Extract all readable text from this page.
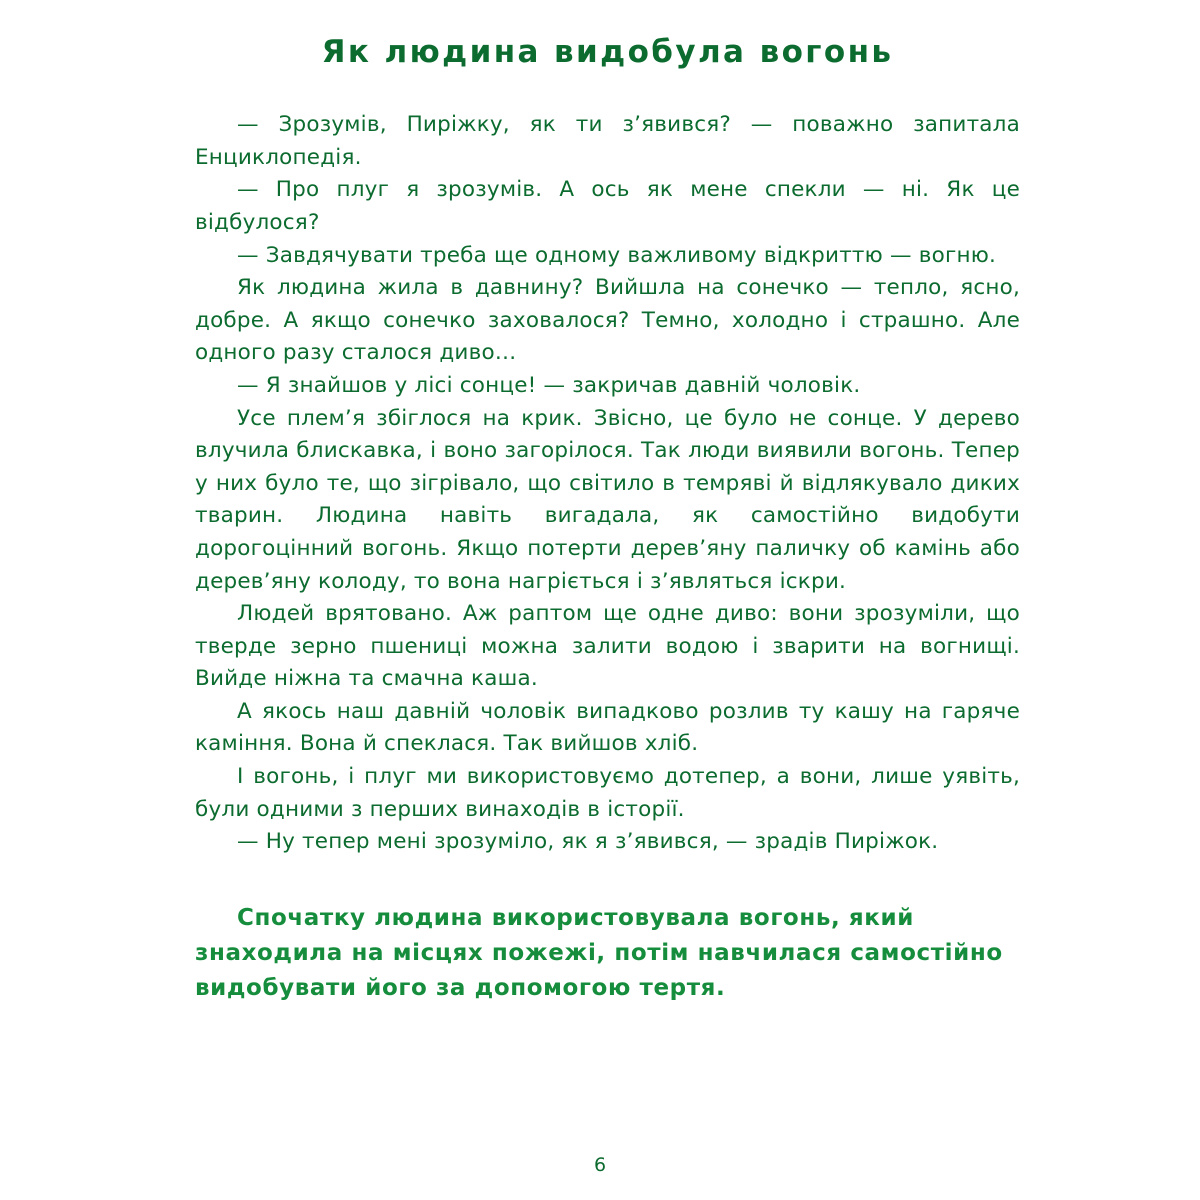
Як людина видобула вогонь

— Зрозумів, Пиріжку, як ти з’явився? — поважно запитала Енциклопедія.

— Про плуг я зрозумів. А ось як мене спекли — ні. Як це відбулося?

— Завдячувати треба ще одному важливому відкриттю — вогню.

Як людина жила в давнину? Вийшла на сонечко — тепло, ясно, добре. А якщо сонечко заховалося? Темно, холодно і страшно. Але одного разу сталося диво…

— Я знайшов у лісі сонце! — закричав давній чоловік.

Усе плем’я збіглося на крик. Звісно, це було не сонце. У дерево влучила блискавка, і воно загорілося. Так люди виявили вогонь. Тепер у них було те, що зігрівало, що світило в темряві й відлякувало диких тварин. Людина навіть вигадала, як самостійно видобути дорогоцінний вогонь. Якщо потерти дерев’яну паличку об камінь або дерев’яну колоду, то вона нагріється і з’являться іскри.

Людей врятовано. Аж раптом ще одне диво: вони зрозуміли, що тверде зерно пшениці можна залити водою і зварити на вогнищі. Вийде ніжна та смачна каша.

А якось наш давній чоловік випадково розлив ту кашу на гаряче каміння. Вона й спеклася. Так вийшов хліб.

І вогонь, і плуг ми використовуємо дотепер, а вони, лише уявіть, були одними з перших винаходів в історії.

— Ну тепер мені зрозуміло, як я з’явився, — зрадів Пиріжок.

Спочатку людина використовувала вогонь, який знаходила на місцях пожежі, потім навчилася самостійно видобувати його за допомогою тертя.
6
